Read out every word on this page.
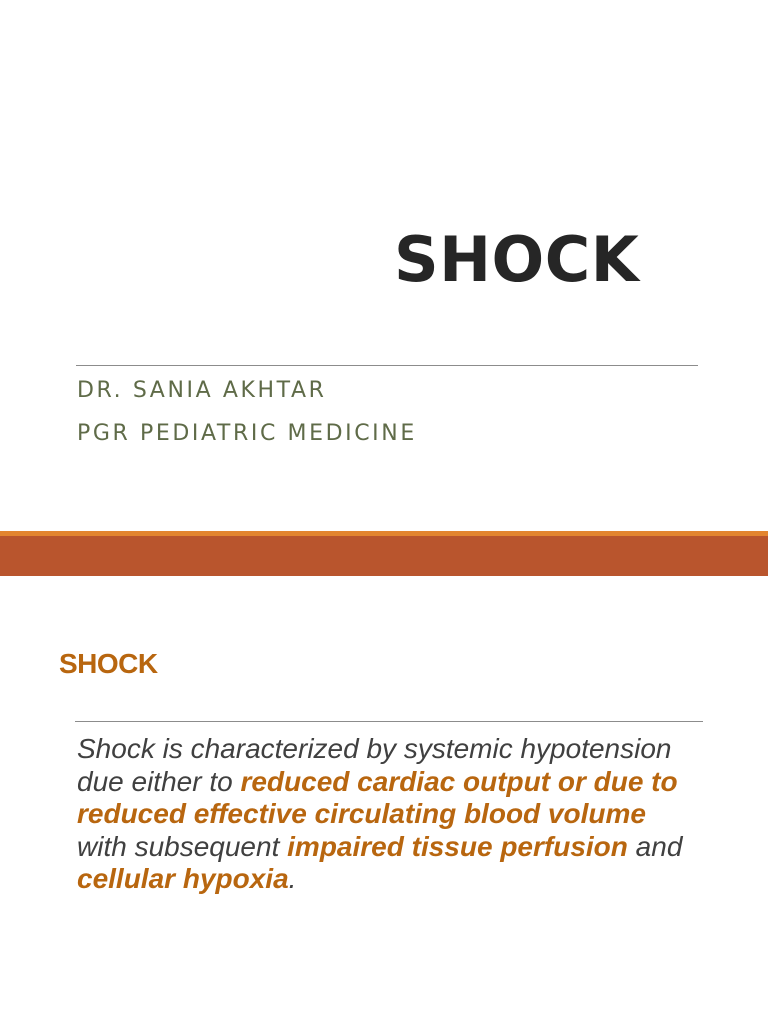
SHOCK

DR. SANIA AKHTAR

PGR PEDIATRIC MEDICINE

SHOCK

Shock is characterized by systemic hypotension due either to reduced cardiac output or due to reduced effective circulating blood volume with subsequent impaired tissue perfusion and cellular hypoxia.
